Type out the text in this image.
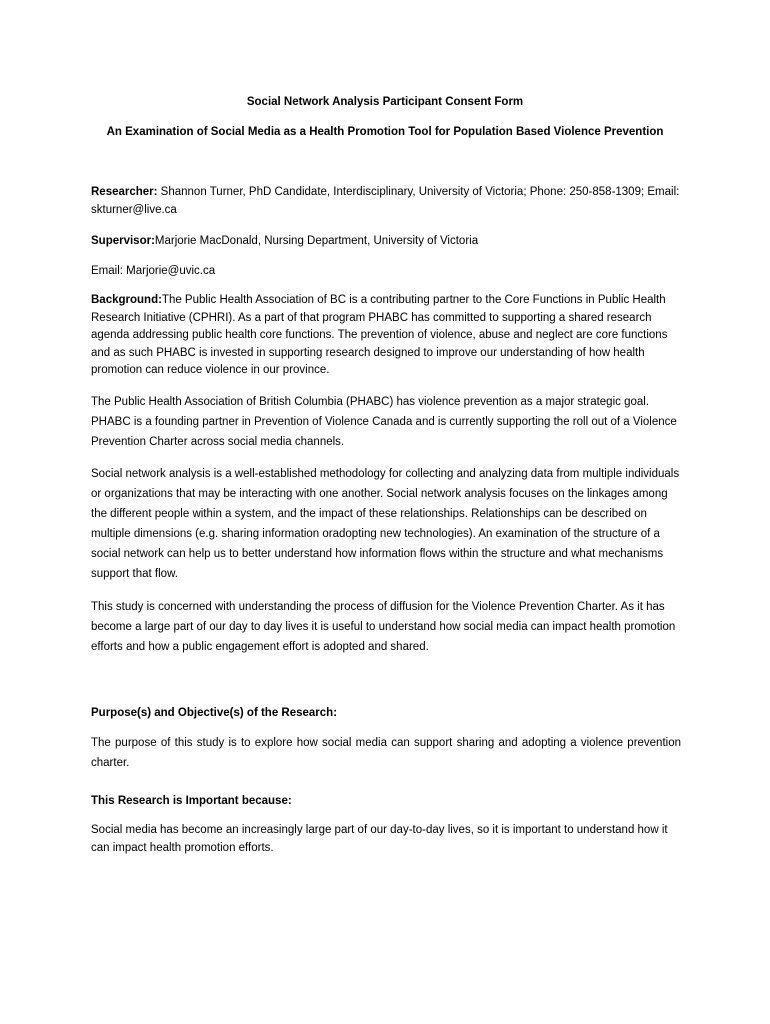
Social Network Analysis Participant Consent Form
An Examination of Social Media as a Health Promotion Tool for Population Based Violence Prevention
Researcher: Shannon Turner, PhD Candidate, Interdisciplinary, University of Victoria; Phone: 250-858-1309; Email: skturner@live.ca
Supervisor:Marjorie MacDonald, Nursing Department, University of Victoria
Email: Marjorie@uvic.ca
Background:The Public Health Association of BC is a contributing partner to the Core Functions in Public Health Research Initiative (CPHRI). As a part of that program PHABC has committed to supporting a shared research agenda addressing public health core functions. The prevention of violence, abuse and neglect are core functions and as such PHABC is invested in supporting research designed to improve our understanding of how health promotion can reduce violence in our province.
The Public Health Association of British Columbia (PHABC) has violence prevention as a major strategic goal. PHABC is a founding partner in Prevention of Violence Canada and is currently supporting the roll out of a Violence Prevention Charter across social media channels.
Social network analysis is a well-established methodology for collecting and analyzing data from multiple individuals or organizations that may be interacting with one another. Social network analysis focuses on the linkages among the different people within a system, and the impact of these relationships. Relationships can be described on multiple dimensions (e.g. sharing information oradopting new technologies). An examination of the structure of a social network can help us to better understand how information flows within the structure and what mechanisms support that flow.
This study is concerned with understanding the process of diffusion for the Violence Prevention Charter. As it has become a large part of our day to day lives it is useful to understand how social media can impact health promotion efforts and how a public engagement effort is adopted and shared.
Purpose(s) and Objective(s) of the Research:
The purpose of this study is to explore how social media can support sharing and adopting a violence prevention charter.
This Research is Important because:
Social media has become an increasingly large part of our day-to-day lives, so it is important to understand how it can impact health promotion efforts.
